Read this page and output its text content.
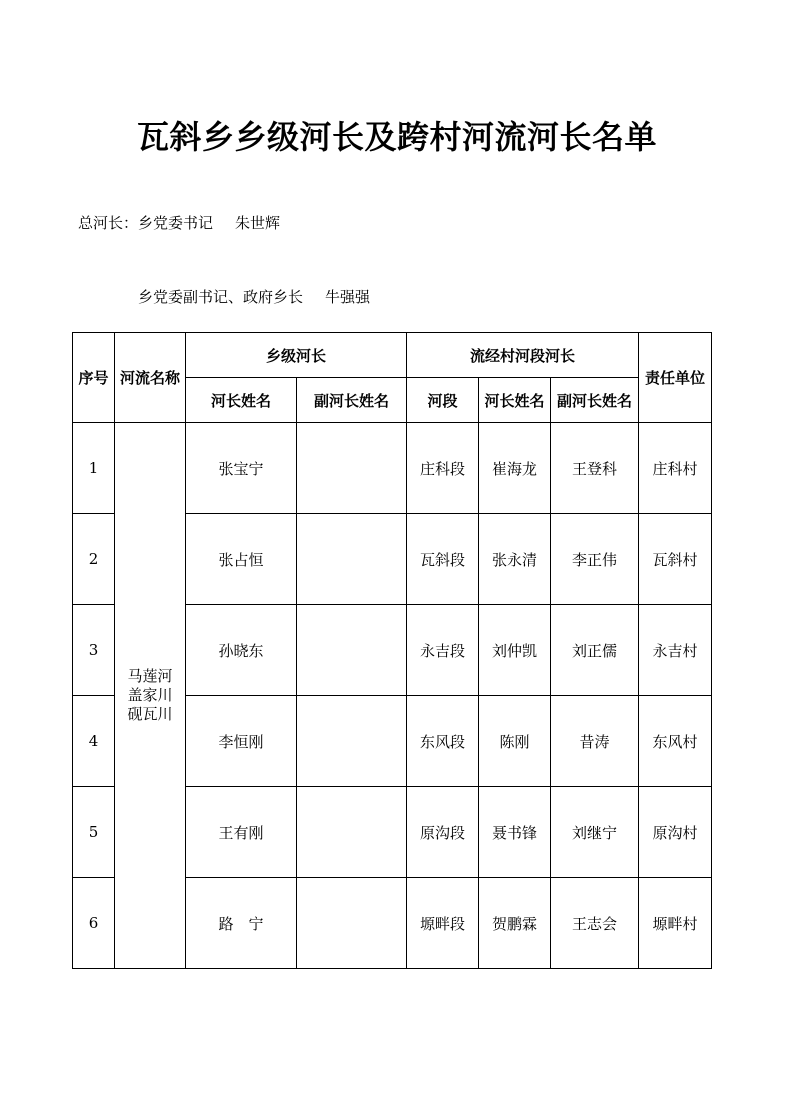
瓦斜乡乡级河长及跨村河流河长名单
总河长：乡党委书记 朱世辉
乡党委副书记、政府乡长 牛强强
序号	河流名称	乡级河长		流经村河段河长			责任单位
		河长姓名	副河长姓名	河段	河长姓名	副河长姓名	
1	马莲河
盖家川
砚瓦川	张宝宁		庄科段	崔海龙	王登科	庄科村
2		张占恒		瓦斜段	张永清	李正伟	瓦斜村
3		孙晓东		永吉段	刘仲凯	刘正儒	永吉村
4		李恒刚		东风段	陈刚	昔涛	东风村
5		王有刚		原沟段	聂书锋	刘继宁	原沟村
6		路　宁		塬畔段	贺鹏霖	王志会	塬畔村
